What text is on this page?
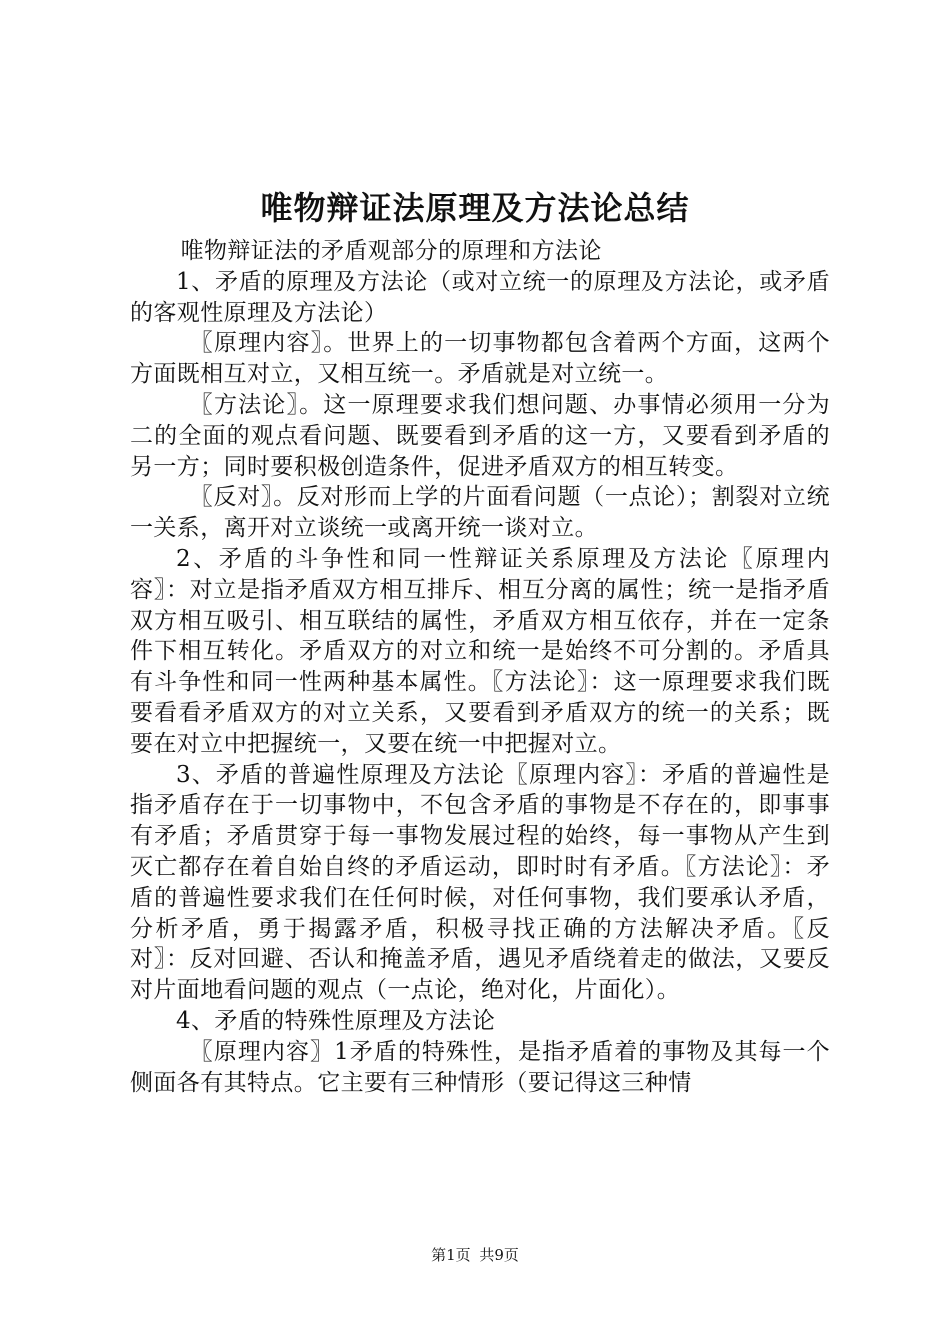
唯物辩证法原理及方法论总结

唯物辩证法的矛盾观部分的原理和方法论

1、矛盾的原理及方法论（或对立统一的原理及方法论，或矛盾的客观性原理及方法论）

〖原理内容〗。世界上的一切事物都包含着两个方面，这两个方面既相互对立，又相互统一。矛盾就是对立统一。

〖方法论〗。这一原理要求我们想问题、办事情必须用一分为二的全面的观点看问题、既要看到矛盾的这一方，又要看到矛盾的另一方；同时要积极创造条件，促进矛盾双方的相互转变。

〖反对〗。反对形而上学的片面看问题（一点论）；割裂对立统一关系，离开对立谈统一或离开统一谈对立。

2、矛盾的斗争性和同一性辩证关系原理及方法论〖原理内容〗：对立是指矛盾双方相互排斥、相互分离的属性；统一是指矛盾双方相互吸引、相互联结的属性，矛盾双方相互依存，并在一定条件下相互转化。矛盾双方的对立和统一是始终不可分割的。矛盾具有斗争性和同一性两种基本属性。〖方法论〗：这一原理要求我们既要看看矛盾双方的对立关系，又要看到矛盾双方的统一的关系；既要在对立中把握统一，又要在统一中把握对立。

3、矛盾的普遍性原理及方法论〖原理内容〗：矛盾的普遍性是指矛盾存在于一切事物中，不包含矛盾的事物是不存在的，即事事有矛盾；矛盾贯穿于每一事物发展过程的始终，每一事物从产生到灭亡都存在着自始自终的矛盾运动，即时时有矛盾。〖方法论〗：矛盾的普遍性要求我们在任何时候，对任何事物，我们要承认矛盾，分析矛盾，勇于揭露矛盾，积极寻找正确的方法解决矛盾。〖反对〗：反对回避、否认和掩盖矛盾，遇见矛盾绕着走的做法，又要反对片面地看问题的观点（一点论，绝对化，片面化）。

4、矛盾的特殊性原理及方法论

〖原理内容〗1矛盾的特殊性，是指矛盾着的事物及其每一个侧面各有其特点。它主要有三种情形（要记得这三种情

第1页 共9页
